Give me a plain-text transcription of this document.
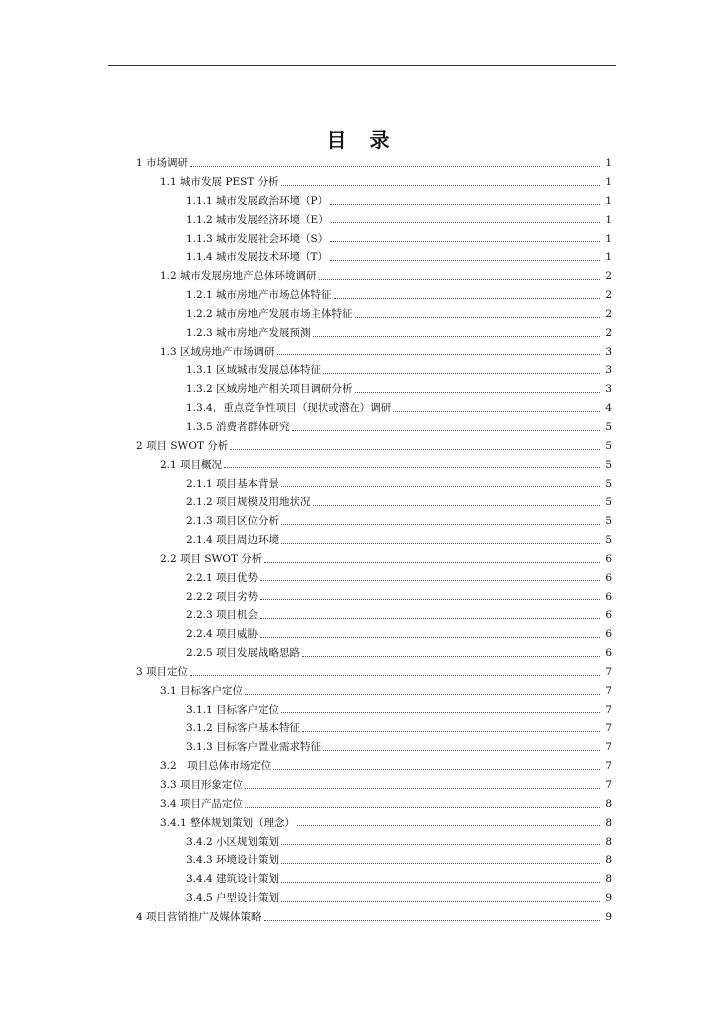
目 录
1 市场调研	1
1.1 城市发展 PEST 分析	1
1.1.1 城市发展政治环境（P）	1
1.1.2 城市发展经济环境（E）	1
1.1.3 城市发展社会环境（S）	1
1.1.4 城市发展技术环境（T）	1
1.2 城市发展房地产总体环境调研	2
1.2.1 城市房地产市场总体特征	2
1.2.2 城市房地产发展市场主体特征	2
1.2.3 城市房地产发展预测	2
1.3 区域房地产市场调研	3
1.3.1 区域城市发展总体特征	3
1.3.2 区域房地产相关项目调研分析	3
1.3.4．重点竞争性项目（现状或潜在）调研	4
1.3.5 消费者群体研究	5
2 项目 SWOT 分析	5
2.1 项目概况	5
2.1.1 项目基本背景	5
2.1.2 项目规模及用地状况	5
2.1.3 项目区位分析	5
2.1.4 项目周边环境	5
2.2 项目 SWOT 分析	6
2.2.1 项目优势	6
2.2.2 项目劣势	6
2.2.3 项目机会	6
2.2.4 项目威胁	6
2.2.5 项目发展战略思路	6
3 项目定位	7
3.1 目标客户定位	7
3.1.1 目标客户定位	7
3.1.2 目标客户基本特征	7
3.1.3 目标客户置业需求特征	7
3.2　项目总体市场定位	7
3.3 项目形象定位	7
3.4 项目产品定位	8
3.4.1 整体规划策划（理念）	8
3.4.2 小区规划策划	8
3.4.3 环境设计策划	8
3.4.4 建筑设计策划	8
3.4.5 户型设计策划	9
4 项目营销推广及媒体策略	9
